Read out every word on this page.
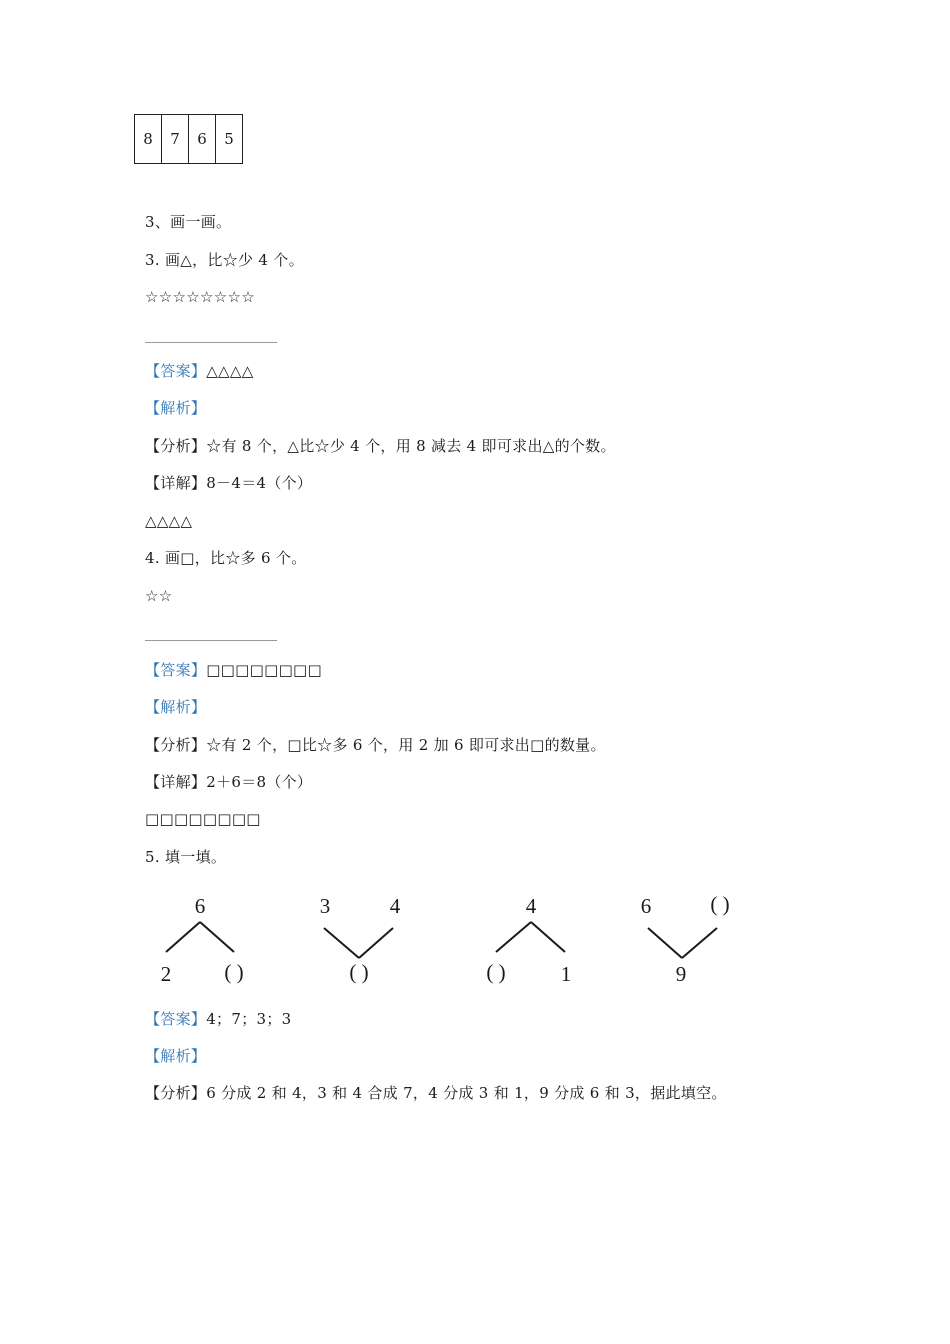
8	7	6	5
3、画一画。
3. 画△，比☆少 4 个。
☆☆☆☆☆☆☆☆
【答案】△△△△
【解析】
【分析】☆有 8 个，△比☆少 4 个，用 8 减去 4 即可求出△的个数。
【详解】8－4＝4（个）
△△△△
4. 画□，比☆多 6 个。
☆☆
【答案】□□□□□□□□
【解析】
【分析】☆有 2 个，□比☆多 6 个，用 2 加 6 即可求出□的数量。
【详解】2＋6＝8（个）
□□□□□□□□
5. 填一填。
6
2	( )
3	4
( )
4
( )	1
6	( )
9
【答案】4；7；3；3
【解析】
【分析】6 分成 2 和 4，3 和 4 合成 7，4 分成 3 和 1，9 分成 6 和 3，据此填空。
